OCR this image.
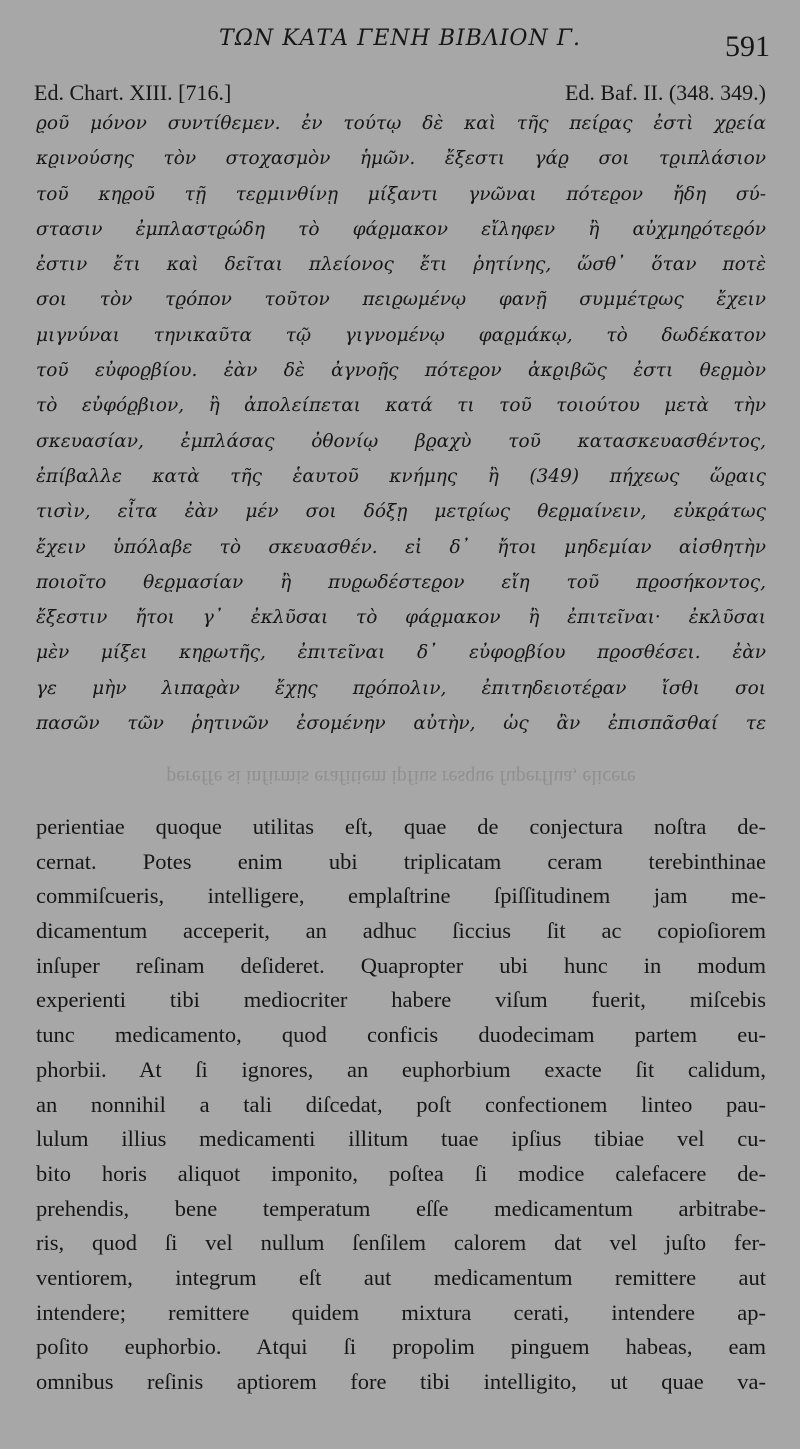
ΤΩΝ ΚΑΤΑ ΓΕΝΗ ΒΙΒΛΙΟΝ Γ.	591
Ed. Chart. XIII. [716.]	Ed. Baf. II. (348. 349.)
ϱοῦ μόνον συντίθεμεν. ἐν τούτῳ δὲ καὶ τῆς πείϱας ἐστὶ χϱεία
κϱινούσης τὸν στοχασμὸν ἡμῶν. ἔξεστι γάϱ σοι τϱιπλάσιον
τοῦ κηϱοῦ τῇ τεϱμινθίνῃ μίξαντι γνῶναι πότεϱον ἤδη σύ-
στασιν ἐμπλαστϱώδη τὸ φάϱμακον εἴληφεν ἢ αὐχμηϱότεϱόν
ἐστιν ἔτι καὶ δεῖται πλείονος ἔτι ῥητίνης, ὥσθ᾽ ὅταν ποτὲ
σοι τὸν τϱόπον τοῦτον πειϱωμένῳ φανῇ συμμέτϱως ἔχειν
μιγνύναι τηνικαῦτα τῷ γιγνομένῳ φαϱμάκῳ, τὸ δωδέκατον
τοῦ εὐφοϱβίου. ἐὰν δὲ ἀγνοῇς πότεϱον ἀκϱιβῶς ἐστι θεϱμὸν
τὸ εὐφόϱβιον, ἢ ἀπολείπεται κατά τι τοῦ τοιούτου μετὰ τὴν
σκευασίαν, ἐμπλάσας ὀθονίῳ βϱαχὺ τοῦ κατασκευασθέντος,
ἐπίβαλλε κατὰ τῆς ἑαυτοῦ κνήμης ἢ (349) πήχεως ὥϱαις
τισὶν, εἶτα ἐὰν μέν σοι δόξῃ μετϱίως θεϱμαίνειν, εὐκϱάτως
ἔχειν ὑπόλαβε τὸ σκευασθέν. εἰ δ᾽ ἤτοι μηδεμίαν αἰσθητὴν
ποιοῖτο θεϱμασίαν ἢ πυϱωδέστεϱον εἴη τοῦ πϱοσήκοντος,
ἔξεστιν ἤτοι γ᾽ ἐκλῦσαι τὸ φάϱμακον ἢ ἐπιτεῖναι· ἐκλῦσαι
μὲν μίξει κηϱωτῆς, ἐπιτεῖναι δ᾽ εὐφοϱβίου πϱοσθέσει. ἐὰν
γε μὴν λιπαϱὰν ἔχῃς πϱόπολιν, ἐπιτηδειοτέϱαν ἴσθι σοι
πασῶν τῶν ῥητινῶν ἐσομένην αὐτὴν, ὡς ἂν ἐπισπᾶσθαί τε
pereffe si infirmis erafitiem ipfius resque fuperflua, elicere
perientiae quoque utilitas eſt, quae de conjectura noſtra de-
cernat. Potes enim ubi triplicatam ceram terebinthinae
commiſcueris, intelligere, emplaſtrine ſpiſſitudinem jam me-
dicamentum acceperit, an adhuc ſiccius ſit ac copioſiorem
inſuper reſinam deſideret. Quapropter ubi hunc in modum
experienti tibi mediocriter habere viſum fuerit, miſcebis
tunc medicamento, quod conficis duodecimam partem eu-
phorbii. At ſi ignores, an euphorbium exacte ſit calidum,
an nonnihil a tali diſcedat, poſt confectionem linteo pau-
lulum illius medicamenti illitum tuae ipſius tibiae vel cu-
bito horis aliquot imponito, poſtea ſi modice calefacere de-
prehendis, bene temperatum eſſe medicamentum arbitrabe-
ris, quod ſi vel nullum ſenſilem calorem dat vel juſto fer-
ventiorem, integrum eſt aut medicamentum remittere aut
intendere; remittere quidem mixtura cerati, intendere ap-
poſito euphorbio. Atqui ſi propolim pinguem habeas, eam
omnibus reſinis aptiorem fore tibi intelligito, ut quae va-
